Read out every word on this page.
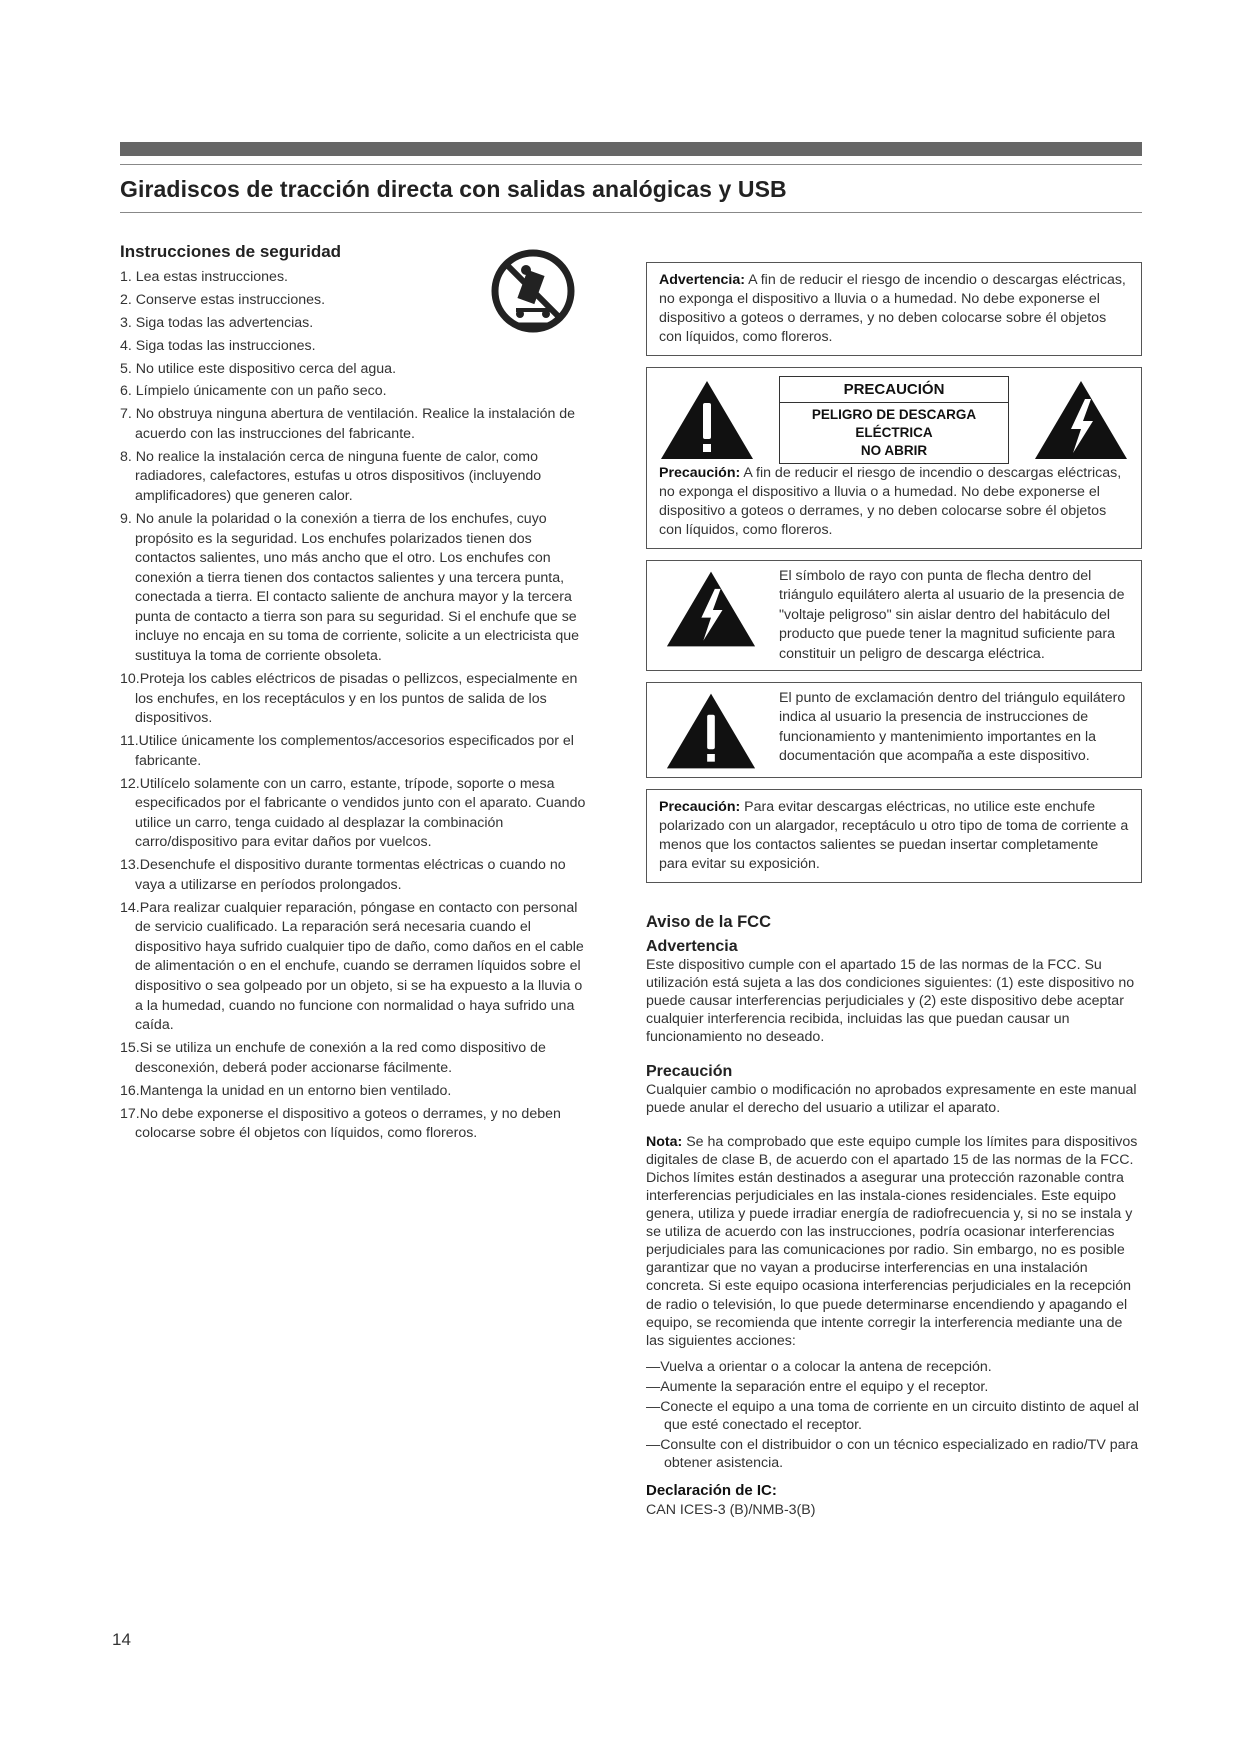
Giradiscos de tracción directa con salidas analógicas y USB
Instrucciones de seguridad
1. Lea estas instrucciones.
2. Conserve estas instrucciones.
3. Siga todas las advertencias.
4. Siga todas las instrucciones.
5. No utilice este dispositivo cerca del agua.
6. Límpielo únicamente con un paño seco.
7. No obstruya ninguna abertura de ventilación. Realice la instalación de acuerdo con las instrucciones del fabricante.
8. No realice la instalación cerca de ninguna fuente de calor, como radiadores, calefactores, estufas u otros dispositivos (incluyendo amplificadores) que generen calor.
9. No anule la polaridad o la conexión a tierra de los enchufes, cuyo propósito es la seguridad. Los enchufes polarizados tienen dos contactos salientes, uno más ancho que el otro. Los enchufes con conexión a tierra tienen dos contactos salientes y una tercera punta, conectada a tierra. El contacto saliente de anchura mayor y la tercera punta de contacto a tierra son para su seguridad. Si el enchufe que se incluye no encaja en su toma de corriente, solicite a un electricista que sustituya la toma de corriente obsoleta.
10.Proteja los cables eléctricos de pisadas o pellizcos, especialmente en los enchufes, en los receptáculos y en los puntos de salida de los dispositivos.
11.Utilice únicamente los complementos/accesorios especificados por el fabricante.
12.Utilícelo solamente con un carro, estante, trípode, soporte o mesa especificados por el fabricante o vendidos junto con el aparato. Cuando utilice un carro, tenga cuidado al desplazar la combinación carro/dispositivo para evitar daños por vuelcos.
13.Desenchufe el dispositivo durante tormentas eléctricas o cuando no vaya a utilizarse en períodos prolongados.
14.Para realizar cualquier reparación, póngase en contacto con personal de servicio cualificado. La reparación será necesaria cuando el dispositivo haya sufrido cualquier tipo de daño, como daños en el cable de alimentación o en el enchufe, cuando se derramen líquidos sobre el dispositivo o sea golpeado por un objeto, si se ha expuesto a la lluvia o a la humedad, cuando no funcione con normalidad o haya sufrido una caída.
15.Si se utiliza un enchufe de conexión a la red como dispositivo de desconexión, deberá poder accionarse fácilmente.
16.Mantenga la unidad en un entorno bien ventilado.
17.No debe exponerse el dispositivo a goteos o derrames, y no deben colocarse sobre él objetos con líquidos, como floreros.
Advertencia: A fin de reducir el riesgo de incendio o descargas eléctricas, no exponga el dispositivo a lluvia o a humedad. No debe exponerse el dispositivo a goteos o derrames, y no deben colocarse sobre él objetos con líquidos, como floreros.
PRECAUCIÓN
PELIGRO DE DESCARGA ELÉCTRICA
NO ABRIR
Precaución: A fin de reducir el riesgo de incendio o descargas eléctricas, no exponga el dispositivo a lluvia o a humedad. No debe exponerse el dispositivo a goteos o derrames, y no deben colocarse sobre él objetos con líquidos, como floreros.

El símbolo de rayo con punta de flecha dentro del triángulo equilátero alerta al usuario de la presencia de "voltaje peligroso" sin aislar dentro del habitáculo del producto que puede tener la magnitud suficiente para constituir un peligro de descarga eléctrica.

El punto de exclamación dentro del triángulo equilátero indica al usuario la presencia de instrucciones de funcionamiento y mantenimiento importantes en la documentación que acompaña a este dispositivo.

Precaución: Para evitar descargas eléctricas, no utilice este enchufe polarizado con un alargador, receptáculo u otro tipo de toma de corriente a menos que los contactos salientes se puedan insertar completamente para evitar su exposición.
Aviso de la FCC
Advertencia

Este dispositivo cumple con el apartado 15 de las normas de la FCC. Su utilización está sujeta a las dos condiciones siguientes: (1) este dispositivo no puede causar interferencias perjudiciales y (2) este dispositivo debe aceptar cualquier interferencia recibida, incluidas las que puedan causar un funcionamiento no deseado.

Precaución

Cualquier cambio o modificación no aprobados expresamente en este manual puede anular el derecho del usuario a utilizar el aparato.

Nota: Se ha comprobado que este equipo cumple los límites para dispositivos digitales de clase B, de acuerdo con el apartado 15 de las normas de la FCC. Dichos límites están destinados a asegurar una protección razonable contra interferencias perjudiciales en las instala-ciones residenciales. Este equipo genera, utiliza y puede irradiar energía de radiofrecuencia y, si no se instala y se utiliza de acuerdo con las instrucciones, podría ocasionar interferencias perjudiciales para las comunicaciones por radio. Sin embargo, no es posible garantizar que no vayan a producirse interferencias en una instalación concreta. Si este equipo ocasiona interferencias perjudiciales en la recepción de radio o televisión, lo que puede determinarse encendiendo y apagando el equipo, se recomienda que intente corregir la interferencia mediante una de las siguientes acciones:

—Vuelva a orientar o a colocar la antena de recepción.
—Aumente la separación entre el equipo y el receptor.
—Conecte el equipo a una toma de corriente en un circuito distinto de aquel al que esté conectado el receptor.
—Consulte con el distribuidor o con un técnico especializado en radio/TV para obtener asistencia.
Declaración de IC:
CAN ICES-3 (B)/NMB-3(B)
14
